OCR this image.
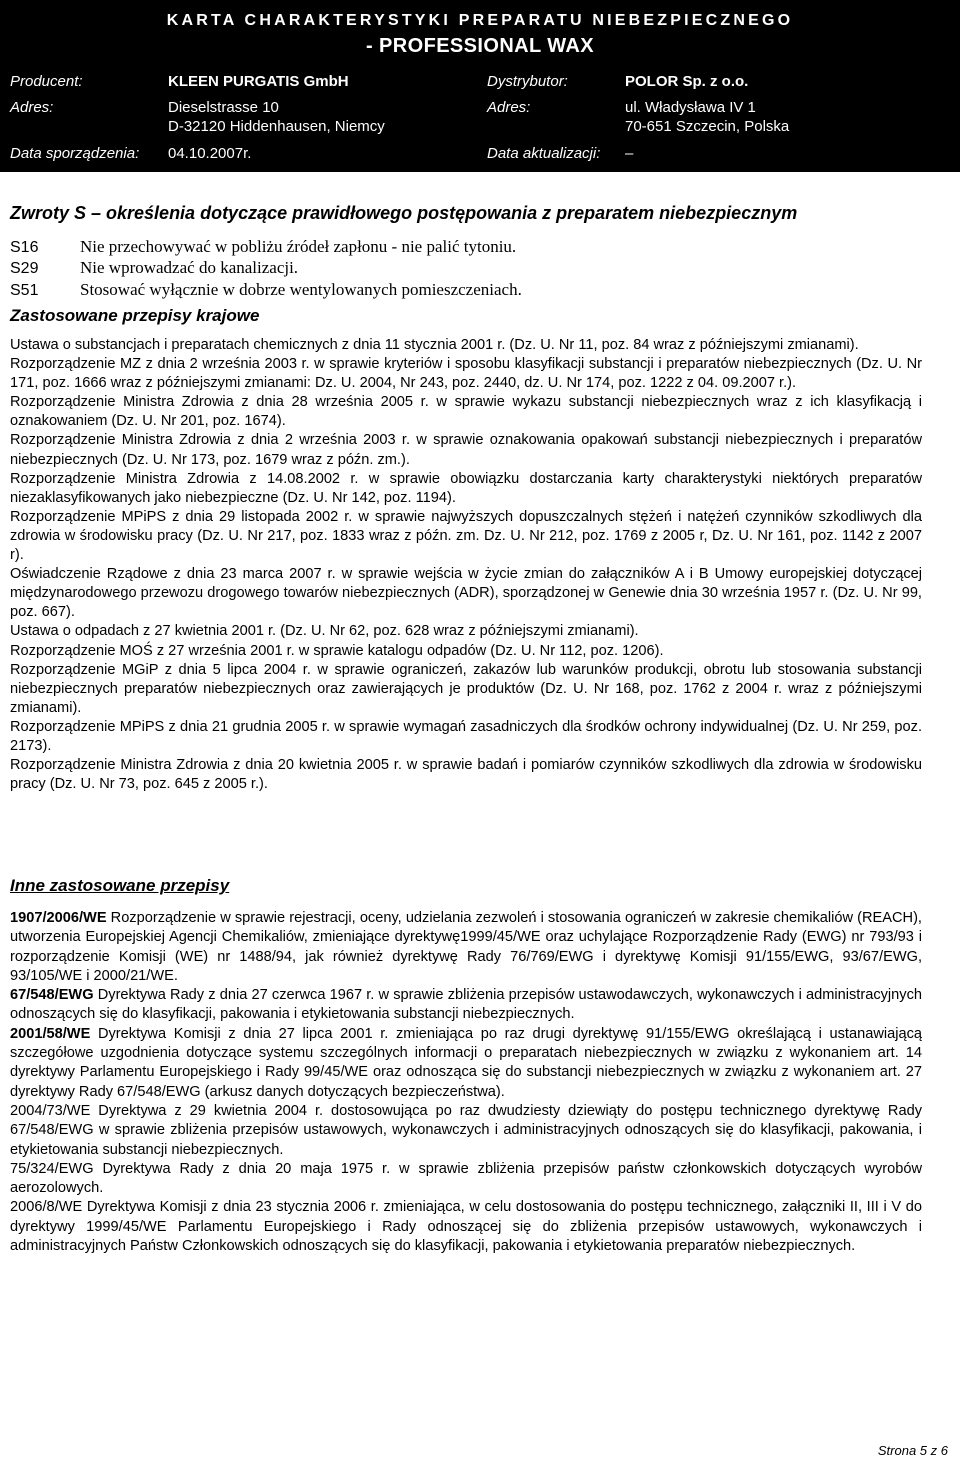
KARTA CHARAKTERYSTYKI PREPARATU NIEBEZPIECZNEGO
- PROFESSIONAL WAX
Producent:	KLEEN PURGATIS GmbH	Dystrybutor:	POLOR Sp. z o.o.
Adres:	Dieselstrasse 10	Adres:	ul. Władysława IV 1
D-32120 Hiddenhausen, Niemcy	70-651 Szczecin, Polska
Data sporządzenia: 04.10.2007r.	Data aktualizacji: –
Zwroty S – określenia dotyczące prawidłowego postępowania z preparatem niebezpiecznym
S16 Nie przechowywać w pobliżu źródeł zapłonu - nie palić tytoniu.
S29 Nie wprowadzać do kanalizacji.
S51 Stosować wyłącznie w dobrze wentylowanych pomieszczeniach.
Zastosowane przepisy krajowe

Ustawa o substancjach i preparatach chemicznych z dnia 11 stycznia 2001 r. (Dz. U. Nr 11, poz. 84 wraz z późniejszymi zmianami).

Rozporządzenie MZ z dnia 2 września 2003 r. w sprawie kryteriów i sposobu klasyfikacji substancji i preparatów niebezpiecznych (Dz. U. Nr 171, poz. 1666 wraz z późniejszymi zmianami: Dz. U. 2004, Nr 243, poz. 2440, dz. U. Nr 174, poz. 1222 z 04. 09.2007 r.).

Rozporządzenie Ministra Zdrowia z dnia 28 września 2005 r. w sprawie wykazu substancji niebezpiecznych wraz z ich klasyfikacją i oznakowaniem (Dz. U. Nr 201, poz. 1674).

Rozporządzenie Ministra Zdrowia z dnia 2 września 2003 r. w sprawie oznakowania opakowań substancji niebezpiecznych i preparatów niebezpiecznych (Dz. U. Nr 173, poz. 1679 wraz z późn. zm.).

Rozporządzenie Ministra Zdrowia z 14.08.2002 r. w sprawie obowiązku dostarczania karty charakterystyki niektórych preparatów niezaklasyfikowanych jako niebezpieczne (Dz. U. Nr 142, poz. 1194).

Rozporządzenie MPiPS z dnia 29 listopada 2002 r. w sprawie najwyższych dopuszczalnych stężeń i natężeń czynników szkodliwych dla zdrowia w środowisku pracy (Dz. U. Nr 217, poz. 1833 wraz z późn. zm. Dz. U. Nr 212, poz. 1769 z 2005 r, Dz. U. Nr 161, poz. 1142 z 2007 r).

Oświadczenie Rządowe z dnia 23 marca 2007 r. w sprawie wejścia w życie zmian do załączników A i B Umowy europejskiej dotyczącej międzynarodowego przewozu drogowego towarów niebezpiecznych (ADR), sporządzonej w Genewie dnia 30 września 1957 r. (Dz. U. Nr 99, poz. 667).

Ustawa o odpadach z 27 kwietnia 2001 r. (Dz. U. Nr 62, poz. 628 wraz z późniejszymi zmianami).

Rozporządzenie MOŚ z 27 września 2001 r. w sprawie katalogu odpadów (Dz. U. Nr 112, poz. 1206).

Rozporządzenie MGiP z dnia 5 lipca 2004 r. w sprawie ograniczeń, zakazów lub warunków produkcji, obrotu lub stosowania substancji niebezpiecznych preparatów niebezpiecznych oraz zawierających je produktów (Dz. U. Nr 168, poz. 1762 z 2004 r. wraz z późniejszymi zmianami).

Rozporządzenie MPiPS z dnia 21 grudnia 2005 r. w sprawie wymagań zasadniczych dla środków ochrony indywidualnej (Dz. U. Nr 259, poz. 2173).

Rozporządzenie Ministra Zdrowia z dnia 20 kwietnia 2005 r. w sprawie badań i pomiarów czynników szkodliwych dla zdrowia w środowisku pracy (Dz. U. Nr 73, poz. 645 z 2005 r.).

Inne zastosowane przepisy

1907/2006/WE Rozporządzenie w sprawie rejestracji, oceny, udzielania zezwoleń i stosowania ograniczeń w zakresie chemikaliów (REACH), utworzenia Europejskiej Agencji Chemikaliów, zmieniające dyrektywę1999/45/WE oraz uchylające Rozporządzenie Rady (EWG) nr 793/93 i rozporządzenie Komisji (WE) nr 1488/94, jak również dyrektywę Rady 76/769/EWG i dyrektywę Komisji 91/155/EWG, 93/67/EWG, 93/105/WE i 2000/21/WE.

67/548/EWG Dyrektywa Rady z dnia 27 czerwca 1967 r. w sprawie zbliżenia przepisów ustawodawczych, wykonawczych i administracyjnych odnoszących się do klasyfikacji, pakowania i etykietowania substancji niebezpiecznych.

2001/58/WE Dyrektywa Komisji z dnia 27 lipca 2001 r. zmieniająca po raz drugi dyrektywę 91/155/EWG określającą i ustanawiającą szczegółowe uzgodnienia dotyczące systemu szczególnych informacji o preparatach niebezpiecznych w związku z wykonaniem art. 14 dyrektywy Parlamentu Europejskiego i Rady 99/45/WE oraz odnosząca się do substancji niebezpiecznych w związku z wykonaniem art. 27 dyrektywy Rady 67/548/EWG (arkusz danych dotyczących bezpieczeństwa).

2004/73/WE Dyrektywa z 29 kwietnia 2004 r. dostosowująca po raz dwudziesty dziewiąty do postępu technicznego dyrektywę Rady 67/548/EWG w sprawie zbliżenia przepisów ustawowych, wykonawczych i administracyjnych odnoszących się do klasyfikacji, pakowania, i etykietowania substancji niebezpiecznych.

75/324/EWG Dyrektywa Rady z dnia 20 maja 1975 r. w sprawie zbliżenia przepisów państw członkowskich dotyczących wyrobów aerozolowych.

2006/8/WE Dyrektywa Komisji z dnia 23 stycznia 2006 r. zmieniająca, w celu dostosowania do postępu technicznego, załączniki II, III i V do dyrektywy 1999/45/WE Parlamentu Europejskiego i Rady odnoszącej się do zbliżenia przepisów ustawowych, wykonawczych i administracyjnych Państw Członkowskich odnoszących się do klasyfikacji, pakowania i etykietowania preparatów niebezpiecznych.

Strona 5 z 6
